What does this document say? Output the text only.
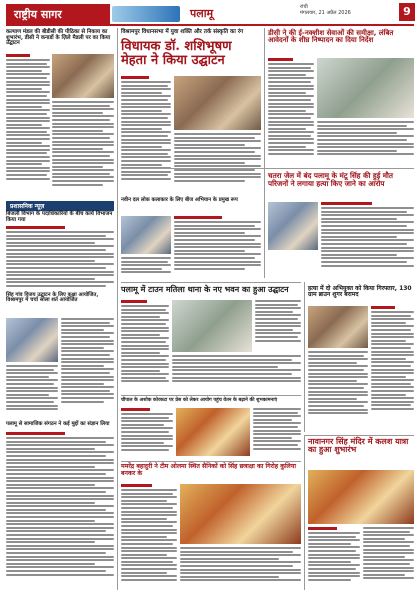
राष्ट्रीय सागर	पलामू	रांची
मंगलवार, 21 अप्रैल 2026	9
कल्याण मंडल की बीडीसी की पीठिका से निकाय का शुभारंभ, डीसी ने कनाडों के ज़िले मैडली पर का किया उद्घाटन
प्रशासनिक न्यूज़
बिजली विभाग के पदाधिकारियों के बीच कार्य विभाजन किया गया
सिंह गांव विजय उद्घाटन के लिए कक्षा आयोजित, विश्रामपुर में चर्चा सोला शर्त आयोजित
पलामू से सामाजिक संगठन ने कई मुद्दों का संज्ञान लिया
विश्रामपुर विधानसभा में युवा शक्ति और तर्क संस्कृति का रंग
विधायक डॉ. शशिभूषण मेहता ने किया उद्घाटन
नवीन दल लोक कलाकार के लिए बीज अभियान के प्रमुख रूप
डीसी ने की ई-नक्शीश सेवाओं की समीक्षा, लंबित आवेदनों के शीघ्र निष्पादन का दिया निर्देश
चतरा जेल में बंद पलामू के मंटू सिंह की हुई मौत परिजनों ने लगाया हत्या किए जाने का आरोप
पलामू में टाउन मतिला थाना के नए भवन का हुआ उद्घाटन	हत्या में दो अभियुक्त को किया गिरफ्तार, 130 ग्राम ब्राउन शुगर बरामद
चौपाल के अशोक कोरकटा पर प्रेस को लेकर आयोग पहुंच वेतन के बढ़ाने की शुभकामनाएं
ममरेंद्र बहादुरी ने टीम ओलमा स्थित सैनिकों को सिंह छत्राक्षा का गिरोह कुलिया बनकर के
नावानगर सिंह मंदिर में कलश यात्रा का हुआ शुभारंभ
